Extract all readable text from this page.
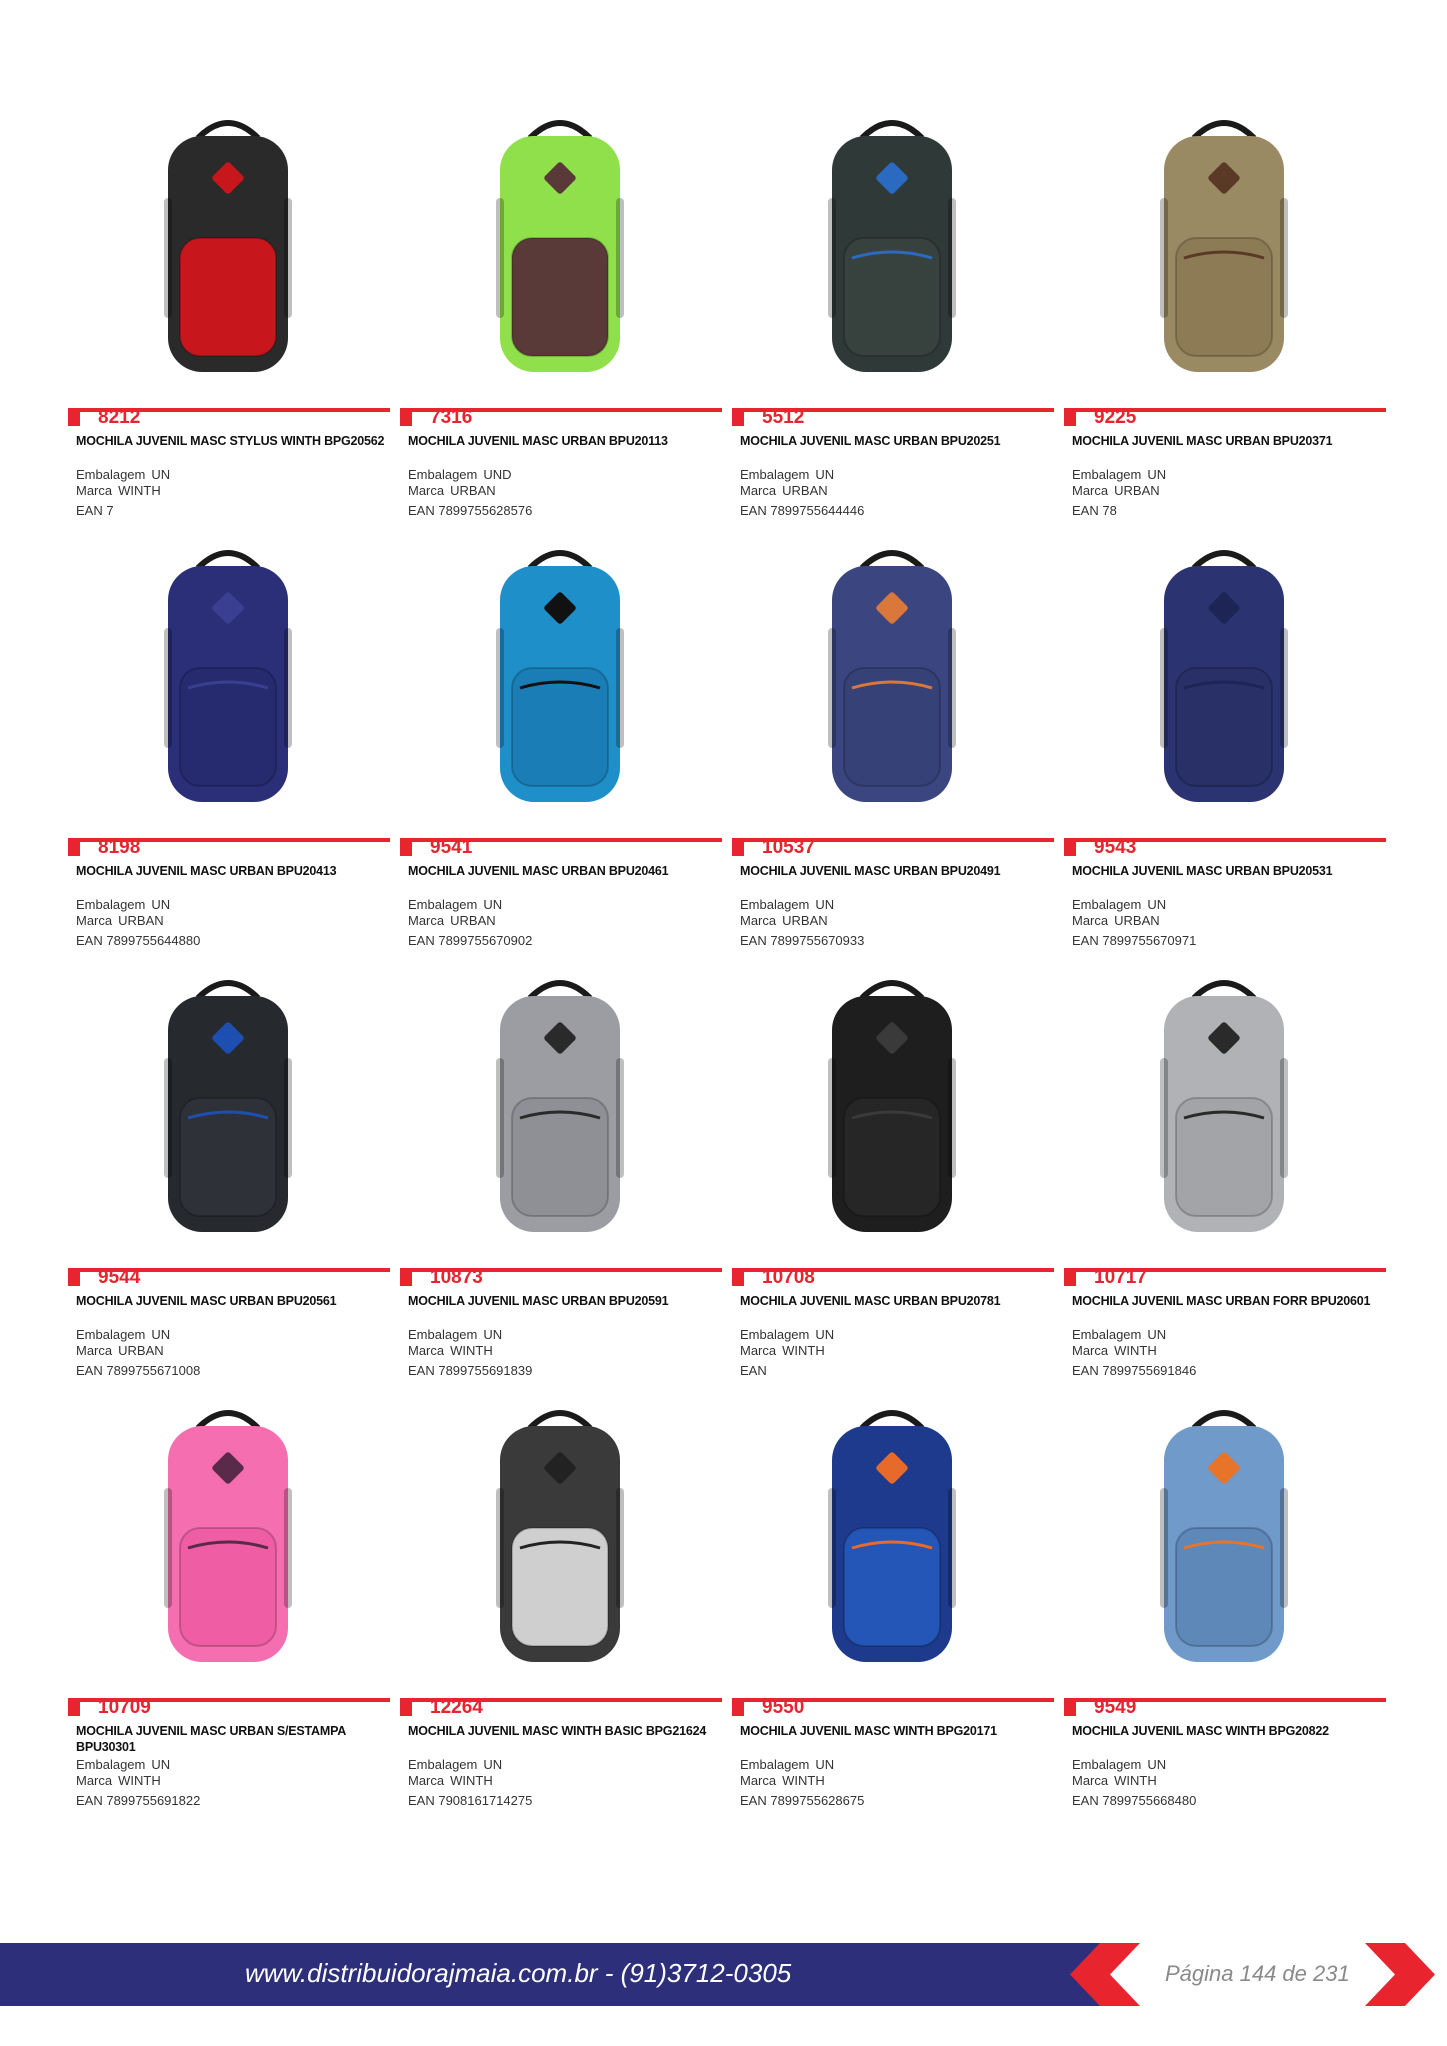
8212
MOCHILA JUVENIL MASC STYLUS WINTH BPG20562
Embalagem UN
Marca WINTH
EAN 7
7316
MOCHILA JUVENIL MASC URBAN BPU20113
Embalagem UND
Marca URBAN
EAN 7899755628576
5512
MOCHILA JUVENIL MASC URBAN BPU20251
Embalagem UN
Marca URBAN
EAN 7899755644446
9225
MOCHILA JUVENIL MASC URBAN BPU20371
Embalagem UN
Marca URBAN
EAN 78
8198
MOCHILA JUVENIL MASC URBAN BPU20413
Embalagem UN
Marca URBAN
EAN 7899755644880
9541
MOCHILA JUVENIL MASC URBAN BPU20461
Embalagem UN
Marca URBAN
EAN 7899755670902
10537
MOCHILA JUVENIL MASC URBAN BPU20491
Embalagem UN
Marca URBAN
EAN 7899755670933
9543
MOCHILA JUVENIL MASC URBAN BPU20531
Embalagem UN
Marca URBAN
EAN 7899755670971
9544
MOCHILA JUVENIL MASC URBAN BPU20561
Embalagem UN
Marca URBAN
EAN 7899755671008
10873
MOCHILA JUVENIL MASC URBAN BPU20591
Embalagem UN
Marca WINTH
EAN 7899755691839
10708
MOCHILA JUVENIL MASC URBAN BPU20781
Embalagem UN
Marca WINTH
EAN
10717
MOCHILA JUVENIL MASC URBAN FORR BPU20601
Embalagem UN
Marca WINTH
EAN 7899755691846
10709
MOCHILA JUVENIL MASC URBAN S/ESTAMPA BPU30301
Embalagem UN
Marca WINTH
EAN 7899755691822
12264
MOCHILA JUVENIL MASC WINTH BASIC BPG21624
Embalagem UN
Marca WINTH
EAN 7908161714275
9550
MOCHILA JUVENIL MASC WINTH BPG20171
Embalagem UN
Marca WINTH
EAN 7899755628675
9549
MOCHILA JUVENIL MASC WINTH BPG20822
Embalagem UN
Marca WINTH
EAN 7899755668480
www.distribuidorajmaia.com.br - (91)3712-0305	Página 144 de 231
